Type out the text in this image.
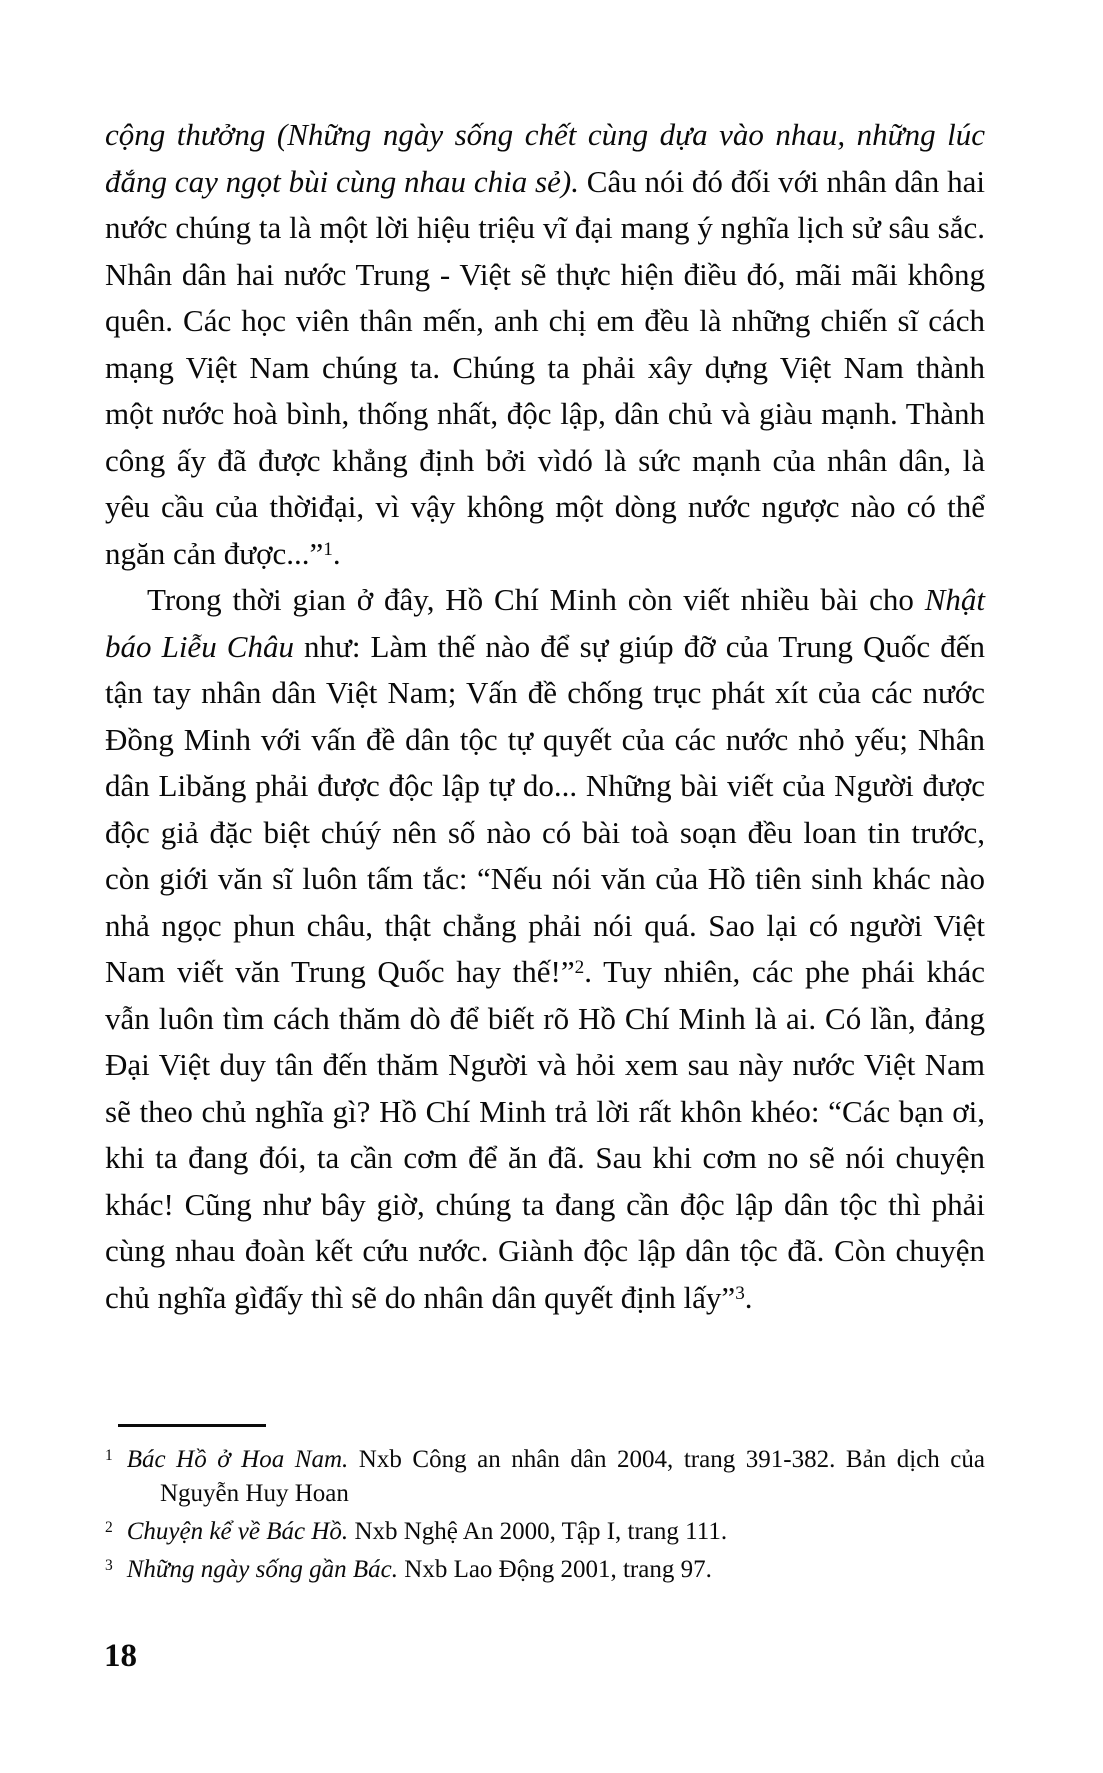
cộng thưởng (Những ngày sống chết cùng dựa vào nhau, những lúc đắng cay ngọt bùi cùng nhau chia sẻ). Câu nói đó đối với nhân dân hai nước chúng ta là một lời hiệu triệu vĩ đại mang ý nghĩa lịch sử sâu sắc. Nhân dân hai nước Trung - Việt sẽ thực hiện điều đó, mãi mãi không quên. Các học viên thân mến, anh chị em đều là những chiến sĩ cách mạng Việt Nam chúng ta. Chúng ta phải xây dựng Việt Nam thành một nước hoà bình, thống nhất, độc lập, dân chủ và giàu mạnh. Thành công ấy đã được khẳng định bởi vìdó là sức mạnh của nhân dân, là yêu cầu của thờiđại, vì vậy không một dòng nước ngược nào có thể ngăn cản được...”$^1$.

Trong thời gian ở đây, Hồ Chí Minh còn viết nhiều bài cho Nhật báo Liễu Châu như: Làm thế nào để sự giúp đỡ của Trung Quốc đến tận tay nhân dân Việt Nam; Vấn đề chống trục phát xít của các nước Đồng Minh với vấn đề dân tộc tự quyết của các nước nhỏ yếu; Nhân dân Libăng phải được độc lập tự do... Những bài viết của Người được độc giả đặc biệt chúý nên số nào có bài toà soạn đều loan tin trước, còn giới văn sĩ luôn tấm tắc: “Nếu nói văn của Hồ tiên sinh khác nào nhả ngọc phun châu, thật chẳng phải nói quá. Sao lại có người Việt Nam viết văn Trung Quốc hay thế!”$^2$. Tuy nhiên, các phe phái khác vẫn luôn tìm cách thăm dò để biết rõ Hồ Chí Minh là ai. Có lần, đảng Đại Việt duy tân đến thăm Người và hỏi xem sau này nước Việt Nam sẽ theo chủ nghĩa gì? Hồ Chí Minh trả lời rất khôn khéo: “Các bạn ơi, khi ta đang đói, ta cần cơm để ăn đã. Sau khi cơm no sẽ nói chuyện khác! Cũng như bây giờ, chúng ta đang cần độc lập dân tộc thì phải cùng nhau đoàn kết cứu nước. Giành độc lập dân tộc đã. Còn chuyện chủ nghĩa gìđấy thì sẽ do nhân dân quyết định lấy”$^3$.

$^1$ Bác Hồ ở Hoa Nam. Nxb Công an nhân dân 2004, trang 391-382. Bản dịch của Nguyễn Huy Hoan
$^2$ Chuyện kể về Bác Hồ. Nxb Nghệ An 2000, Tập I, trang 111.
$^3$ Những ngày sống gần Bác. Nxb Lao Động 2001, trang 97.
18
